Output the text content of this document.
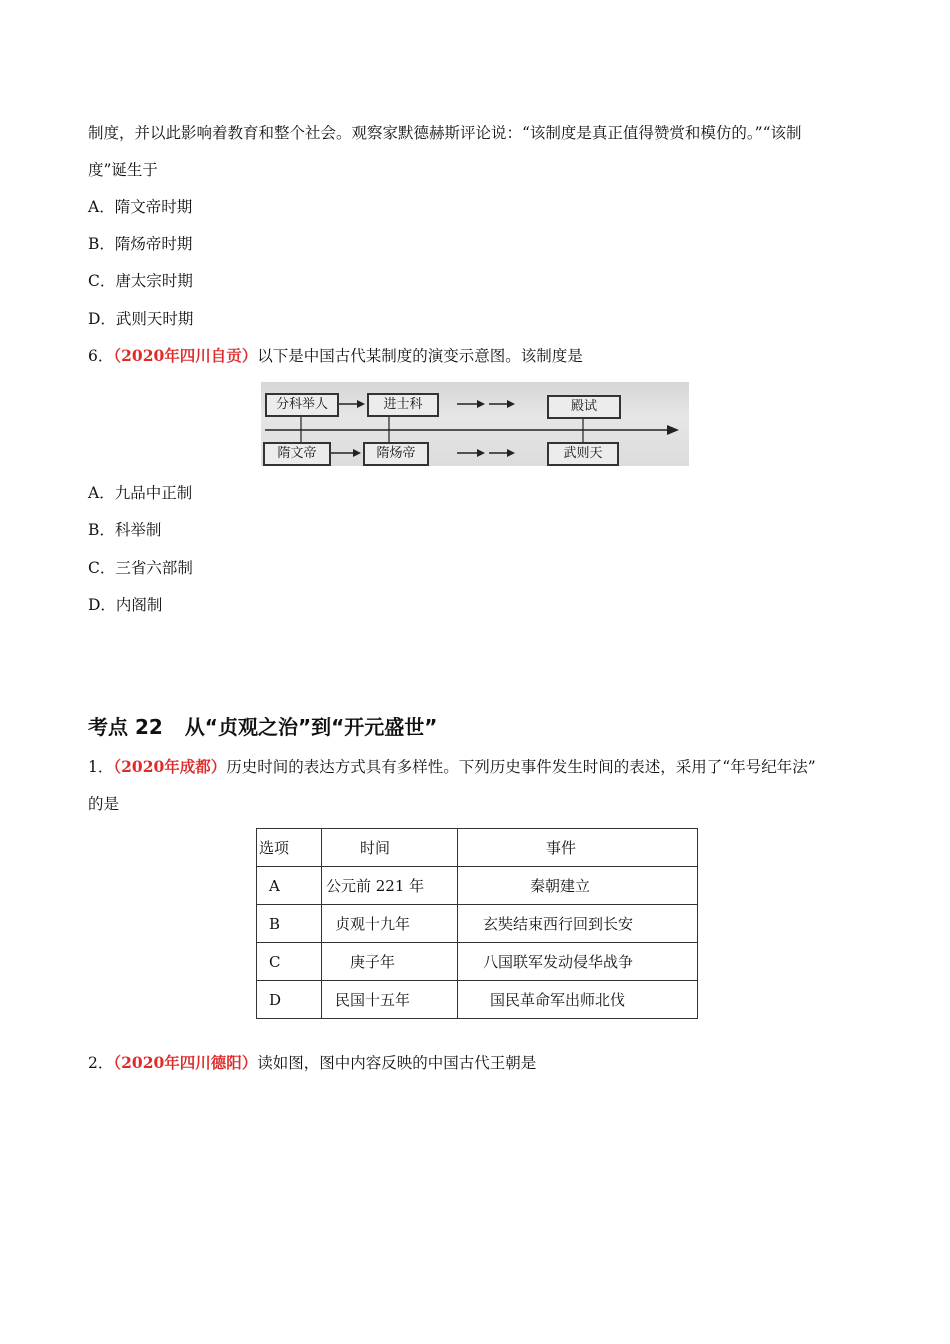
制度，并以此影响着教育和整个社会。观察家默德赫斯评论说：“该制度是真正值得赞赏和模仿的。”“该制
度”诞生于
A．隋文帝时期
B．隋炀帝时期
C．唐太宗时期
D．武则天时期
6．（2020年四川自贡）以下是中国古代某制度的演变示意图。该制度是
分科举人	进士科	殿试
隋文帝	隋炀帝	武则天
A．九品中正制
B．科举制
C．三省六部制
D．内阁制
考点 22 从“贞观之治”到“开元盛世”
1．（2020年成都）历史时间的表达方式具有多样性。下列历史事件发生时间的表述，采用了“年号纪年法”
的是
选项	时间	事件
A	公元前 221 年	秦朝建立
B	贞观十九年	玄奘结束西行回到长安
C	庚子年	八国联军发动侵华战争
D	民国十五年	国民革命军出师北伐
2．（2020年四川德阳）读如图，图中内容反映的中国古代王朝是
